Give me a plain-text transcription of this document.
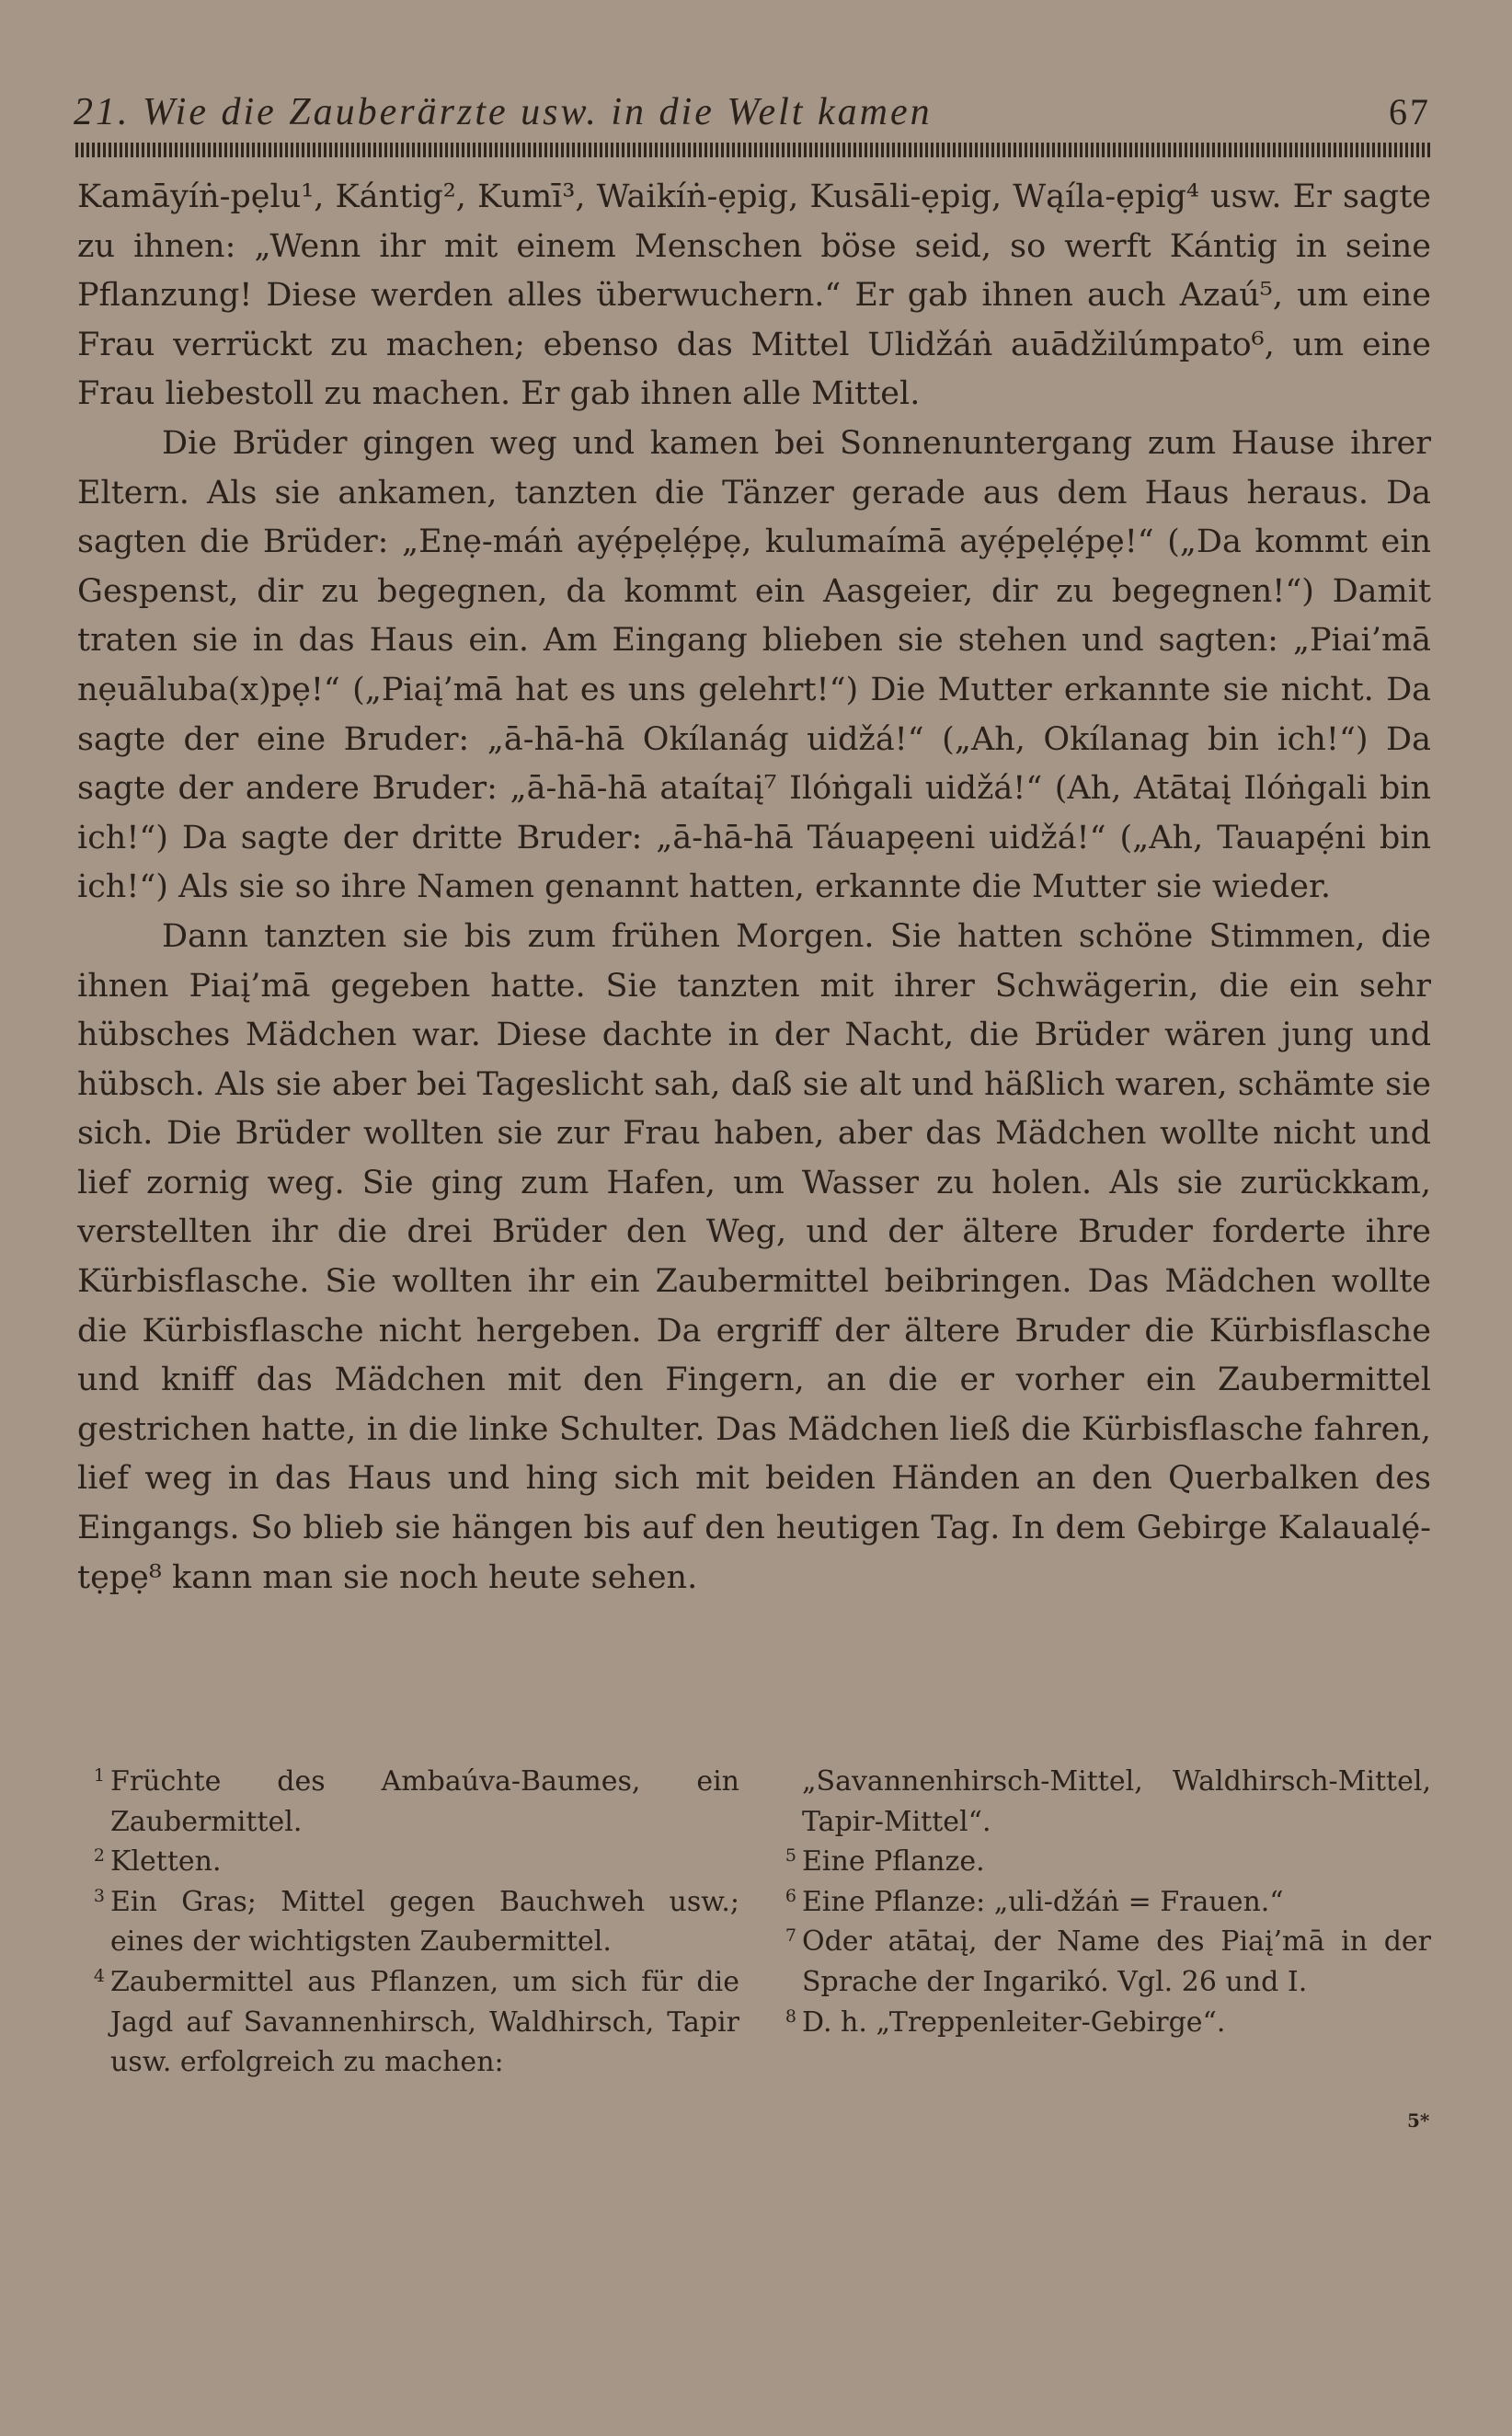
21. Wie die Zauberärzte usw. in die Welt kamen	67

Kamāyíṅ-pẹlu¹, Kántig², Kumī³, Waikíṅ-ẹpig, Kusāli-ẹpig, Wąíla-ẹpig⁴ usw. Er sagte zu ihnen: „Wenn ihr mit einem Menschen böse seid, so werft Kántig in seine Pflanzung! Diese werden alles überwuchern.“ Er gab ihnen auch Azaú⁵, um eine Frau verrückt zu machen; ebenso das Mittel Ulidžáṅ auādžilúmpato⁶, um eine Frau liebestoll zu machen. Er gab ihnen alle Mittel.

Die Brüder gingen weg und kamen bei Sonnenuntergang zum Hause ihrer Eltern. Als sie ankamen, tanzten die Tänzer gerade aus dem Haus heraus. Da sagten die Brüder: „Enẹ-máṅ ayẹ́pẹlẹ́pẹ, kulumaímā ayẹ́pẹlẹ́pẹ!“ („Da kommt ein Gespenst, dir zu begegnen, da kommt ein Aasgeier, dir zu begegnen!“) Damit traten sie in das Haus ein. Am Eingang blieben sie stehen und sagten: „Piai’mā nẹuāluba(x)pẹ!“ („Piaį’mā hat es uns gelehrt!“) Die Mutter erkannte sie nicht. Da sagte der eine Bruder: „ā-hā-hā Okílanág uidžá!“ („Ah, Okílanag bin ich!“) Da sagte der andere Bruder: „ā-hā-hā ataítaį⁷ Ilóṅgali uidžá!“ (Ah, Atātaį Ilóṅgali bin ich!“) Da sagte der dritte Bruder: „ā-hā-hā Táuapẹeni uidžá!“ („Ah, Tauapẹ́ni bin ich!“) Als sie so ihre Namen genannt hatten, erkannte die Mutter sie wieder.

Dann tanzten sie bis zum frühen Morgen. Sie hatten schöne Stimmen, die ihnen Piaį’mā gegeben hatte. Sie tanzten mit ihrer Schwägerin, die ein sehr hübsches Mädchen war. Diese dachte in der Nacht, die Brüder wären jung und hübsch. Als sie aber bei Tageslicht sah, daß sie alt und häßlich waren, schämte sie sich. Die Brüder wollten sie zur Frau haben, aber das Mädchen wollte nicht und lief zornig weg. Sie ging zum Hafen, um Wasser zu holen. Als sie zurückkam, verstellten ihr die drei Brüder den Weg, und der ältere Bruder forderte ihre Kürbisflasche. Sie wollten ihr ein Zaubermittel beibringen. Das Mädchen wollte die Kürbisflasche nicht hergeben. Da ergriff der ältere Bruder die Kürbisflasche und kniff das Mädchen mit den Fingern, an die er vorher ein Zaubermittel gestrichen hatte, in die linke Schulter. Das Mädchen ließ die Kürbisflasche fahren, lief weg in das Haus und hing sich mit beiden Händen an den Querbalken des Eingangs. So blieb sie hängen bis auf den heutigen Tag. In dem Gebirge Kalaualẹ́-tẹpẹ⁸ kann man sie noch heute sehen.

1 Früchte des Ambaúva-Baumes, ein Zaubermittel.
2 Kletten.
3 Ein Gras; Mittel gegen Bauchweh usw.; eines der wichtigsten Zaubermittel.
4 Zaubermittel aus Pflanzen, um sich für die Jagd auf Savannenhirsch, Waldhirsch, Tapir usw. erfolgreich zu machen:
„Savannenhirsch-Mittel, Waldhirsch-Mittel, Tapir-Mittel“.
5 Eine Pflanze.
6 Eine Pflanze: „uli-džáṅ = Frauen.“
7 Oder atātaį, der Name des Piaį’mā in der Sprache der Ingarikó. Vgl. 26 und I.
8 D. h. „Treppenleiter-Gebirge“.
5*
